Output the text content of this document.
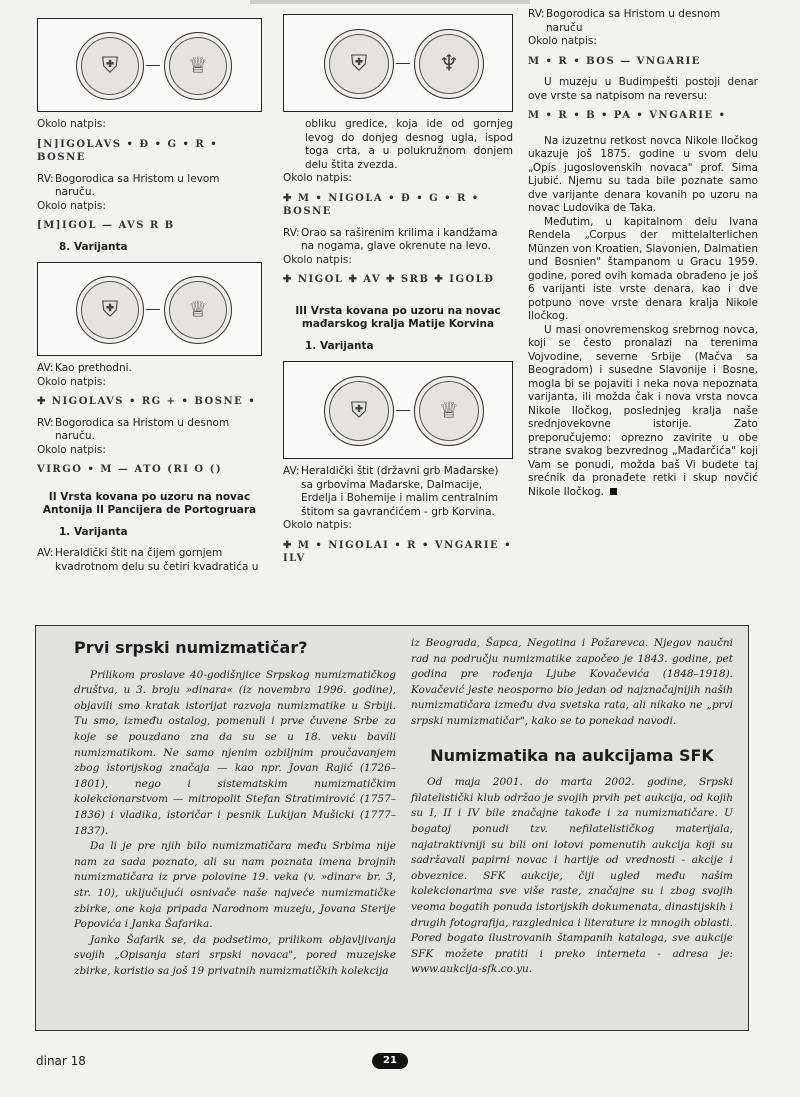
⛨	♕

Okolo natpis:

[N]IGOLAVS • Đ • G • R • BOSNE

RV: Bogorodica sa Hristom u levom naruču.

Okolo natpis:

[M]IGOL — AVS R B

8. Varijanta

⛨	♕
AV: Kao prethodni.

Okolo natpis:

✚ NIGOLAVS • RG + • BOSNE •

RV: Bogorodica sa Hristom u desnom naruču.

Okolo natpis:

VIRGO • M — ATO (RI O ()

II Vrsta kovana po uzoru na novac Antonija II Pancijera de Portogruara

1. Varijanta

AV: Heraldički štit na čijem gornjem kvadrotnom delu su četiri kvadratića u
⛨	♆

obliku gredice, koja ide od gornjeg levog do donjeg desnog ugla, ispod toga crta, a u polukružnom donjem delu štita zvezda.

Okolo natpis:

✚ M • NIGOLA • Đ • G • R • BOSNE

RV: Orao sa raširenim krilima i kandžama na nogama, glave okrenute na levo.

Okolo natpis:

✚ NIGOL ✚ AV ✚ SRB ✚ IGOLĐ

III Vrsta kovana po uzoru na novac mađarskog kralja Matije Korvina

1. Varijanta

⛨	♕
AV: Heraldički štit (državni grb Mađarske) sa grbovima Mađarske, Dalmacije, Erdelja i Bohemije i malim centralnim štitom sa gavranćićem - grb Korvina.

Okolo natpis:

✚ M • NIGOLAI • R • VNGARIE • ILV

RV: Bogorodica sa Hristom u desnom naruču

Okolo natpis:

M • R • BOS — VNGARIE

U muzeju u Budimpešti postoji denar ove vrste sa natpisom na reversu:

M • R • B • PA • VNGARIE •

Na izuzetnu retkost novca Nikole Iločkog ukazuje još 1875. godine u svom delu „Opis jugoslovenskih novaca" prof. Sima Ljubić. Njemu su tada bile poznate samo dve varijante denara kovanih po uzoru na novac Ludovika de Taka.

Međutim, u kapitalnom delu Ivana Rendela „Corpus der mittelalterlichen Münzen von Kroatien, Slavonien, Dalmatien und Bosnien" štampanom u Gracu 1959. godine, pored ovih komada obrađeno je još 6 varijanti iste vrste denara, kao i dve potpuno nove vrste denara kralja Nikole Iločkog.

U masi onovremenskog srebrnog novca, koji se često pronalazi na terenima Vojvodine, severne Srbije (Mačva sa Beogradom) i susedne Slavonije i Bosne, mogla bi se pojaviti i neka nova nepoznata varijanta, ili možda čak i nova vrsta novca Nikole Iločkog, poslednjeg kralja naše srednjovekovne istorije. Zato preporučujemo: oprezno zavirite u obe strane svakog bezvrednog „Mađarčića" koji Vam se ponudi, možda baš Vi budete taj srećnik da pronađete retki i skup novčić Nikole Iločkog.

Prvi srpski numizmatičar?

Prilikom proslave 40-godišnjice Srpskog numizmatičkog društva, u 3. broju »dinara« (iz novembra 1996. godine), objavili smo kratak istorijat razvoja numizmatike u Srbiji. Tu smo, između ostalog, pomenuli i prve čuvene Srbe za koje se pouzdano zna da su se u 18. veku bavili numizmatikom. Ne samo njenim ozbiljnim proučavanjem zbog istorijskog značaja — kao npr. Jovan Rajić (1726–1801), nego i sistematskim numizmatičkim kolekcionarstvom — mitropolit Stefan Stratimirović (1757–1836) i vladika, istoričar i pesnik Lukijan Mušicki (1777–1837).

Da li je pre njih bilo numizmatičara među Srbima nije nam za sada poznato, ali su nam poznata imena brojnih numizmatičara iz prve polovine 19. veka (v. »dinar« br. 3, str. 10), uključujući osnivače naše najveće numizmatičke zbirke, one koja pripada Narodnom muzeju, Jovana Sterije Popovića i Janka Šafarika.

Janko Šafarik se, da podsetimo, prilikom objavljivanja svojih „Opisanja stari srpski novaca", pored muzejske zbirke, koristio sa još 19 privatnih numizmatičkih kolekcija

iz Beograda, Šapca, Negotina i Požarevca. Njegov naučni rad na području numizmatike započeo je 1843. godine, pet godina pre rođenja Ljube Kovačevića (1848–1918). Kovačević jeste neosporno bio jedan od najznačajnijih naših numizmatičara između dva svetska rata, ali nikako ne „prvi srpski numizmatičar", kako se to ponekad navodi.

Numizmatika na aukcijama SFK

Od maja 2001. do marta 2002. godine, Srpski filatelistički klub održao je svojih prvih pet aukcija, od kojih su I, II i IV bile značajne takođe i za numizmatičare. U bogatoj ponudi tzv. nefilatelističkog materijala, najatraktivniji su bili oni lotovi pomenutih aukcija koji su sadržavali papirni novac i hartije od vrednosti - akcije i obveznice. SFK aukcije, čiji ugled među našim kolekcionarima sve više raste, značajne su i zbog svojih veoma bogatih ponuda istorijskih dokumenata, dinastijskih i drugih fotografija, razglednica i literature iz mnogih oblasti. Pored bogato ilustrovanih štampanih kataloga, sve aukcije SFK možete pratiti i preko interneta - adresa je: www.aukcija-sfk.co.yu.

dinar 18	21
